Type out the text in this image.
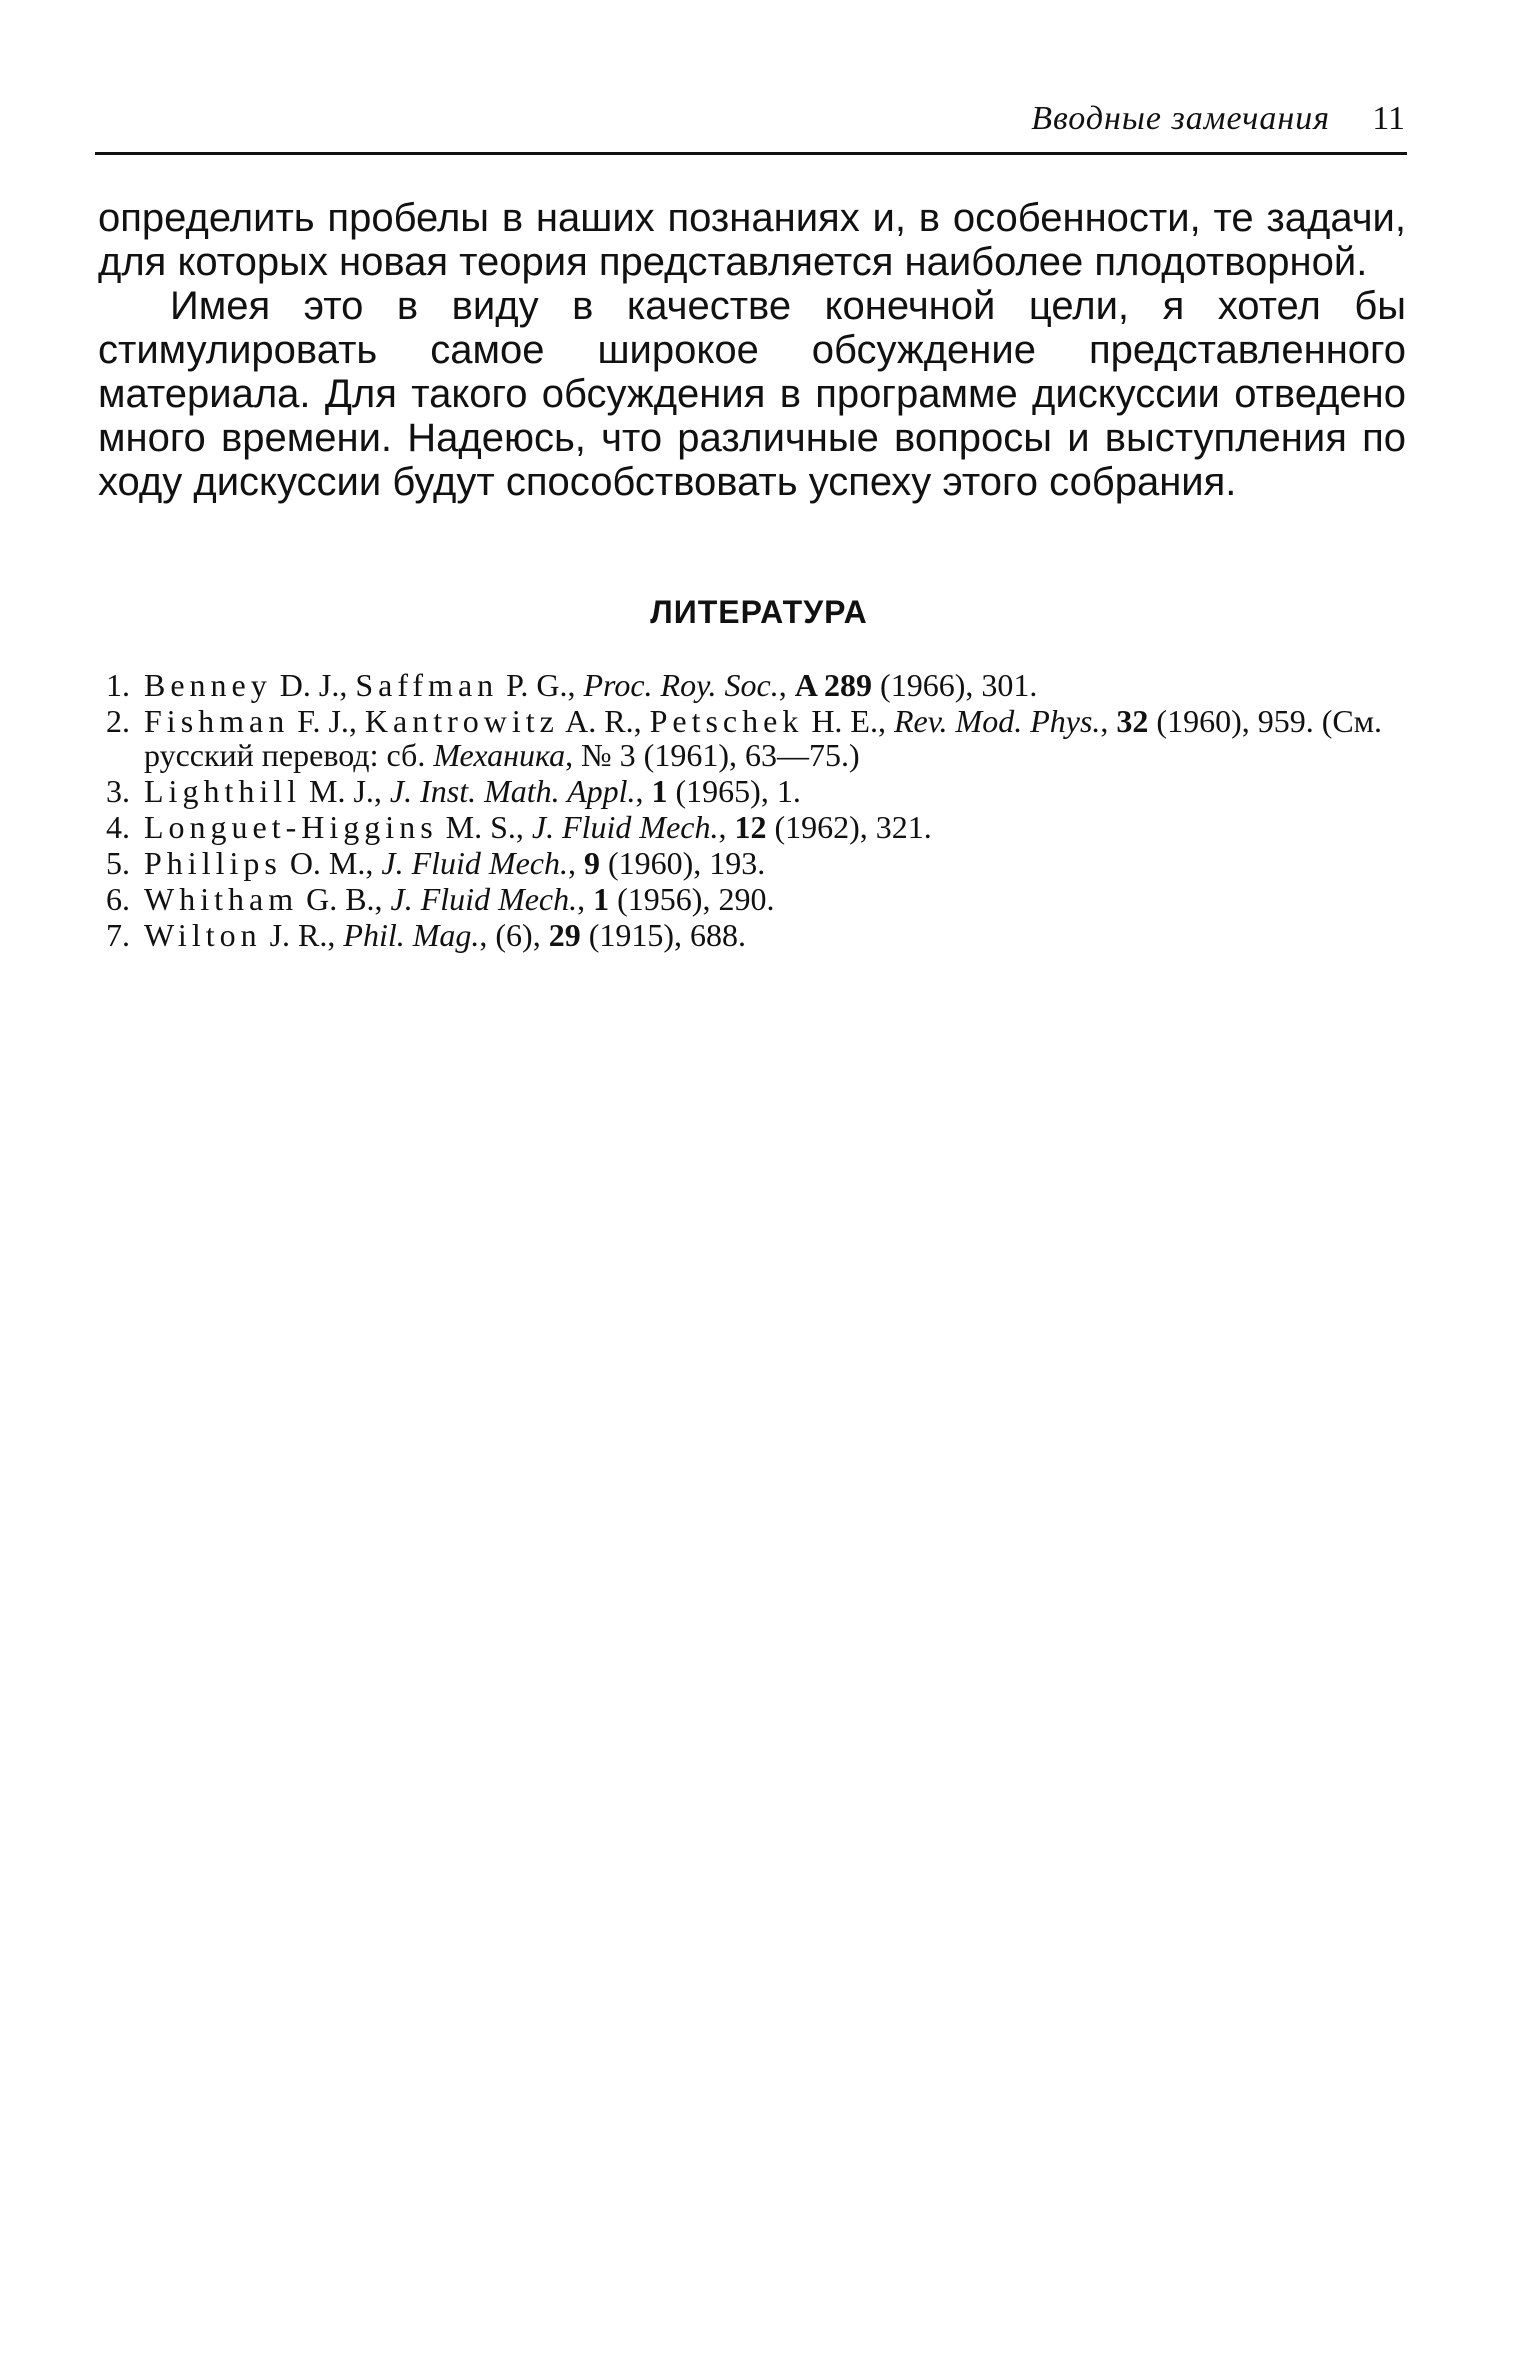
Вводные замечания 11

определить пробелы в наших познаниях и, в особенности, те задачи, для которых новая теория представляется наиболее плодотворной.

Имея это в виду в качестве конечной цели, я хотел бы стимулировать самое широкое обсуждение представленного материала. Для такого обсуждения в программе дискуссии отведено много времени. Надеюсь, что различные вопросы и выступления по ходу дискуссии будут способствовать успеху этого собрания.

ЛИТЕРАТУРА
1. Benney D. J., Saffman P. G., Proc. Roy. Soc., A 289 (1966), 301.
2. Fishman F. J., Kantrowitz A. R., Petschek H. E., Rev. Mod. Phys., 32 (1960), 959. (См. русский перевод: сб. Механика, № 3 (1961), 63—75.)
3. Lighthill M. J., J. Inst. Math. Appl., 1 (1965), 1.
4. Longuet-Higgins M. S., J. Fluid Mech., 12 (1962), 321.
5. Phillips O. M., J. Fluid Mech., 9 (1960), 193.
6. Whitham G. B., J. Fluid Mech., 1 (1956), 290.
7. Wilton J. R., Phil. Mag., (6), 29 (1915), 688.
